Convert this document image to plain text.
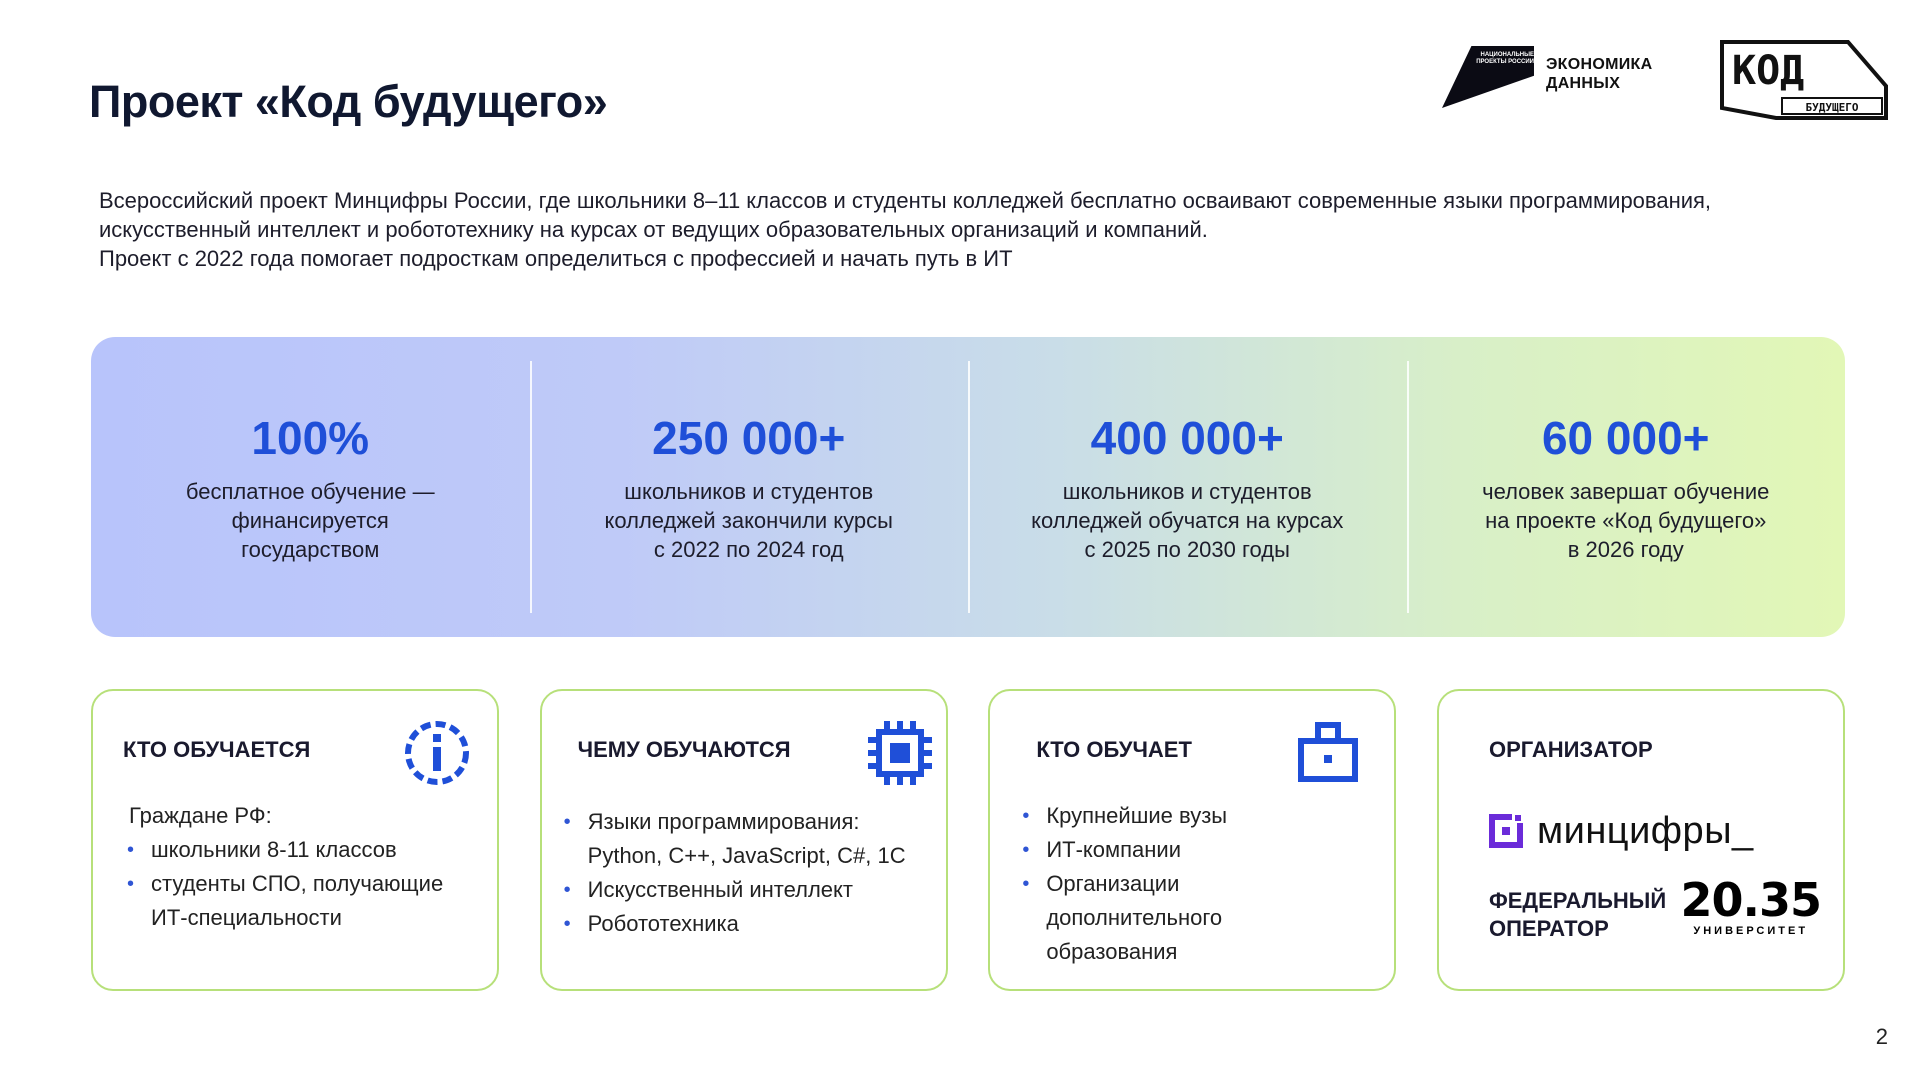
Проект «Код будущего»
НАЦИОНАЛЬНЫЕ ПРОЕКТЫ РОССИИ ЭКОНОМИКА
ДАННЫХ	КОД
БУДУЩЕГО

Всероссийский проект Минцифры России, где школьники 8–11 классов и студенты колледжей бесплатно осваивают современные языки программирования, искусственный интеллект и робототехнику на курсах от ведущих образовательных организаций и компаний.

Проект с 2022 года помогает подросткам определиться с профессией и начать путь в ИТ

100%
бесплатное обучение —
финансируется
государством
250 000+
школьников и студентов
колледжей закончили курсы
с 2022 по 2024 год
400 000+
школьников и студентов
колледжей обучатся на курсах
с 2025 по 2030 годы
60 000+
человек завершат обучение
на проекте «Код будущего»
в 2026 году
КТО ОБУЧАЕТСЯ
Граждане РФ:
• школьники 8-11 классов
• студенты СПО, получающие ИТ-специальности
ЧЕМУ ОБУЧАЮТСЯ
• Языки программирования: Python, C++, JavaScript, C#, 1C
• Искусственный интеллект
• Робототехника
КТО ОБУЧАЕТ
• Крупнейшие вузы
• ИТ-компании
• Организации дополнительного образования
ОРГАНИЗАТОР
минцифры_
ФЕДЕРАЛЬНЫЙ
ОПЕРАТОР
20.35
УНИВЕРСИТЕТ
2
